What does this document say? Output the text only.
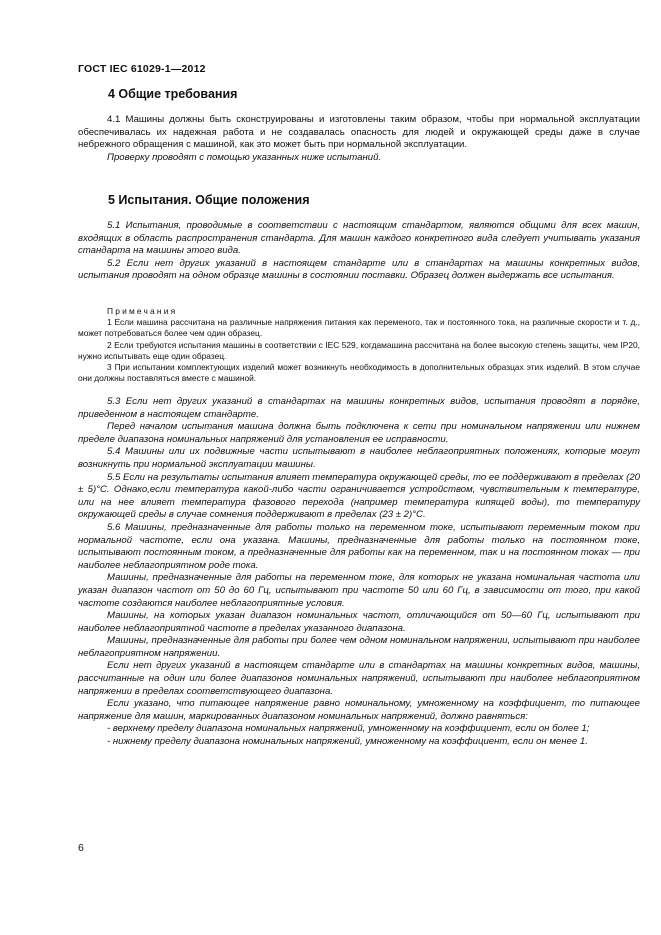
ГОСТ IEC 61029-1—2012
4 Общие требования

4.1 Машины должны быть сконструированы и изготовлены таким образом, чтобы при нормальной эксплуатации обеспечивалась их надежная работа и не создавалась опасность для людей и окружающей среды даже в случае небрежного обращения с машиной, как это может быть при нормальной эксплуатации.

Проверку проводят с помощью указанных ниже испытаний.

5 Испытания. Общие положения

5.1 Испытания, проводимые в соответствии с настоящим стандартом, являются общими для всех машин, входящих в область распространения стандарта. Для машин каждого конкретного вида следует учитывать указания стандарта на машины этого вида.

5.2 Если нет других указаний в настоящем стандарте или в стандартах на машины конкретных видов, испытания проводят на одном образце машины в состоянии поставки. Образец должен выдержать все испытания.

Примечания

1 Если машина рассчитана на различные напряжения питания как переменого, так и постоянного тока, на различные скорости и т. д., может потребоваться более чем один образец.

2 Если требуются испытания машины в соответствии с IEC 529, когдамашина рассчитана на более высокую степень защиты, чем IP20, нужно испытывать еще один образец.

3 При испытании комплектующих изделий может возникнуть необходимость в дополнительных образцах этих изделий. В этом случае они должны поставляться вместе с машиной.

5.3 Если нет других указаний в стандартах на машины конкретных видов, испытания проводят в порядке, приведенном в настоящем стандарте.

Перед началом испытания машина должна быть подключена к сети при номинальном напряжении или нижнем пределе диапазона номинальных напряжений для установления ее исправности.

5.4 Машины или их подвижные части испытывают в наиболее неблагоприятных положениях, которые могут возникнуть при нормальной эксплуатации машины.

5.5 Если на результаты испытания влияет температура окружающей среды, то ее поддерживают в пределах (20 ± 5)°С. Однако,если температура какой-либо части ограничивается устройством, чувствительным к температуре, или на нее влияет температура фазового перехода (например температура кипящей воды), то температуру окружающей среды в случае сомнения поддерживают в пределах (23 ± 2)°С.

5.6 Машины, предназначенные для работы только на переменном токе, испытывают переменным током при нормальной частоте, если она указана. Машины, предназначенные для работы только на постоянном токе, испытывают постоянным током, а предназначенные для работы как на переменном, так и на постоянном токах — при наиболее неблагоприятном роде тока.

Машины, предназначенные для работы на переменном токе, для которых не указана номинальная частота или указан диапазон частот от 50 до 60 Гц, испытывают при частоте 50 или 60 Гц, в зависимости от того, при какой частоте создаются наиболее неблагоприятные условия.

Машины, на которых указан диапазон номинальных частот, отличающийся от 50—60 Гц, испытывают при наиболее неблагоприятной частоте в пределах указанного диапазона.

Машины, предназначенные для работы при более чем одном номинальном напряжении, испытывают при наиболее неблагоприятном напряжении.

Если нет других указаний в настоящем стандарте или в стандартах на машины конкретных видов, машины, рассчитанные на один или более диапазонов номинальных напряжений, испытывают при наиболее неблагоприятном напряжении в пределах соответствующего диапазона.

Если указано, что питающее напряжение равно номинальному, умноженному на коэффициент, то питающее напряжение для машин, маркированных диапазоном номинальных напряжений, должно равняться:

- верхнему пределу диапазона номинальных напряжений, умноженному на коэффициент, если он более 1;

- нижнему пределу диапазона номинальных напряжений, умноженному на коэффициент, если он менее 1.

6
